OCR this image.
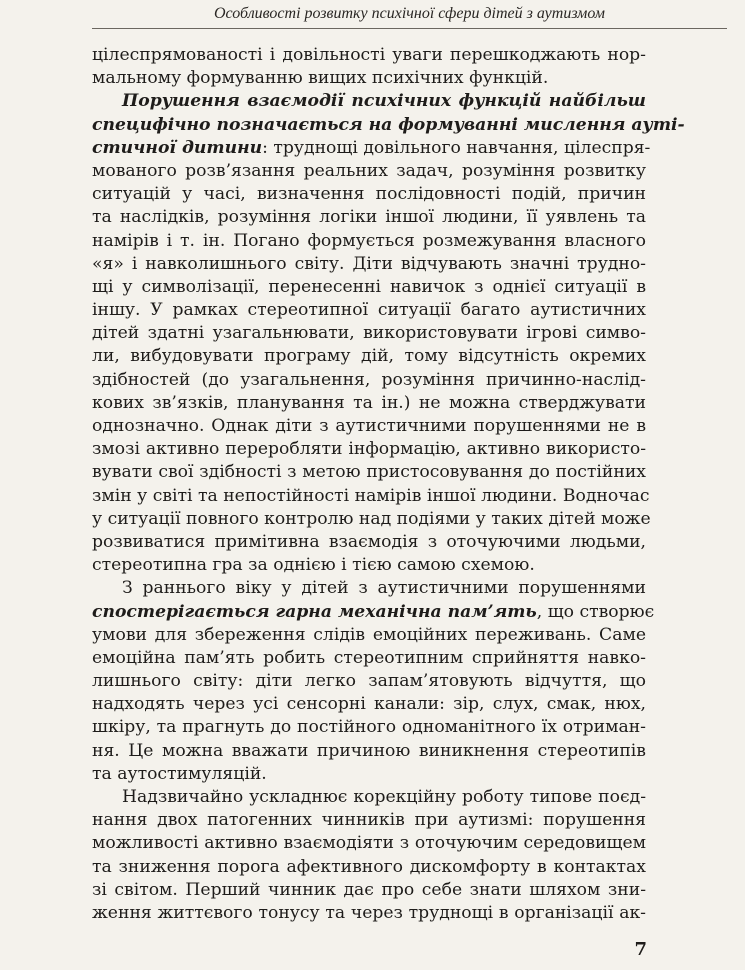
Особливості розвитку психічної сфери дітей з аутизмом
цілеспрямованості і довільності уваги перешкоджають нор-
мальному формуванню вищих психічних функцій.
Порушення взаємодії психічних функцій найбільш
специфічно позначається на формуванні мислення ауті-
стичної дитини: труднощі довільного навчання, цілеспря-
мованого розв’язання реальних задач, розуміння розвитку
ситуацій у часі, визначення послідовності подій, причин
та наслідків, розуміння логіки іншої людини, її уявлень та
намірів і т. ін. Погано формується розмежування власного
«я» і навколишнього світу. Діти відчувають значні трудно-
щі у символізації, перенесенні навичок з однієї ситуації в
іншу. У рамках стереотипної ситуації багато аутистичних
дітей здатні узагальнювати, використовувати ігрові симво-
ли, вибудовувати програму дій, тому відсутність окремих
здібностей (до узагальнення, розуміння причинно-наслід-
кових зв’язків, планування та ін.) не можна стверджувати
однозначно. Однак діти з аутистичними порушеннями не в
змозі активно переробляти інформацію, активно використо-
вувати свої здібності з метою пристосовування до постійних
змін у світі та непостійності намірів іншої людини. Водночас
у ситуації повного контролю над подіями у таких дітей може
розвиватися примітивна взаємодія з оточуючими людьми,
стереотипна гра за однією і тією самою схемою.
З раннього віку у дітей з аутистичними порушеннями
спостерігається гарна механічна пам’ять, що створює
умови для збереження слідів емоційних переживань. Саме
емоційна пам’ять робить стереотипним сприйняття навко-
лишнього світу: діти легко запам’ятовують відчуття, що
надходять через усі сенсорні канали: зір, слух, смак, нюх,
шкіру, та прагнуть до постійного одноманітного їх отриман-
ня. Це можна вважати причиною виникнення стереотипів
та аутостимуляцій.
Надзвичайно ускладнює корекційну роботу типове поєд-
нання двох патогенних чинників при аутизмі: порушення
можливості активно взаємодіяти з оточуючим середовищем
та зниження порога афективного дискомфорту в контактах
зі світом. Перший чинник дає про себе знати шляхом зни-
ження життєвого тонусу та через труднощі в організації ак-
7
